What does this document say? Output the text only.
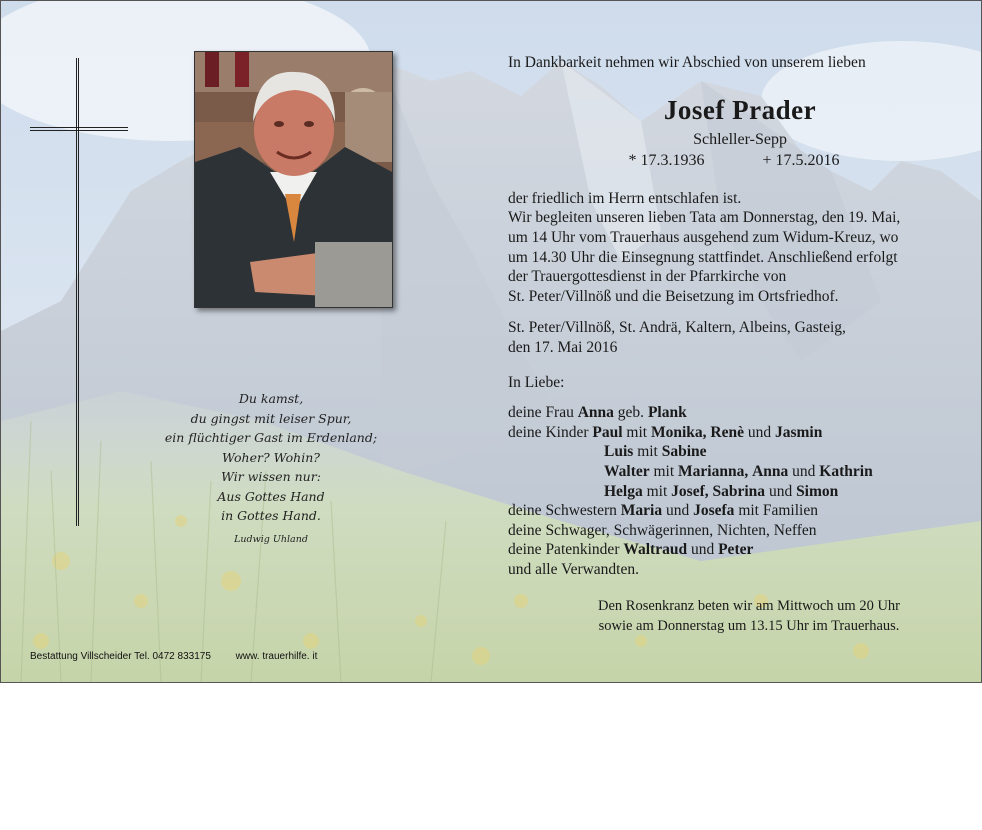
Du kamst,
du gingst mit leiser Spur,
ein flüchtiger Gast im Erdenland;
Woher? Wohin?
Wir wissen nur:
Aus Gottes Hand
in Gottes Hand.
Ludwig Uhland
Bestattung Villscheider Tel. 0472 833175 www. trauerhilfe. it

In Dankbarkeit nehmen wir Abschied von unserem lieben

Josef Prader
Schleller-Sepp
* 17.3.1936	+ 17.5.2016
der friedlich im Herrn entschlafen ist.
Wir begleiten unseren lieben Tata am Donnerstag, den 19. Mai,
um 14 Uhr vom Trauerhaus ausgehend zum Widum-Kreuz, wo
um 14.30 Uhr die Einsegnung stattfindet. Anschließend erfolgt
der Trauergottesdienst in der Pfarrkirche von
St. Peter/Villnöß und die Beisetzung im Ortsfriedhof.
St. Peter/Villnöß, St. Andrä, Kaltern, Albeins, Gasteig,
den 17. Mai 2016
In Liebe:
deine Frau Anna geb. Plank
deine Kinder Paul mit Monika, Renè und Jasmin
Luis mit Sabine
Walter mit Marianna, Anna und Kathrin
Helga mit Josef, Sabrina und Simon
deine Schwestern Maria und Josefa mit Familien
deine Schwager, Schwägerinnen, Nichten, Neffen
deine Patenkinder Waltraud und Peter
und alle Verwandten.
Den Rosenkranz beten wir am Mittwoch um 20 Uhr
sowie am Donnerstag um 13.15 Uhr im Trauerhaus.
